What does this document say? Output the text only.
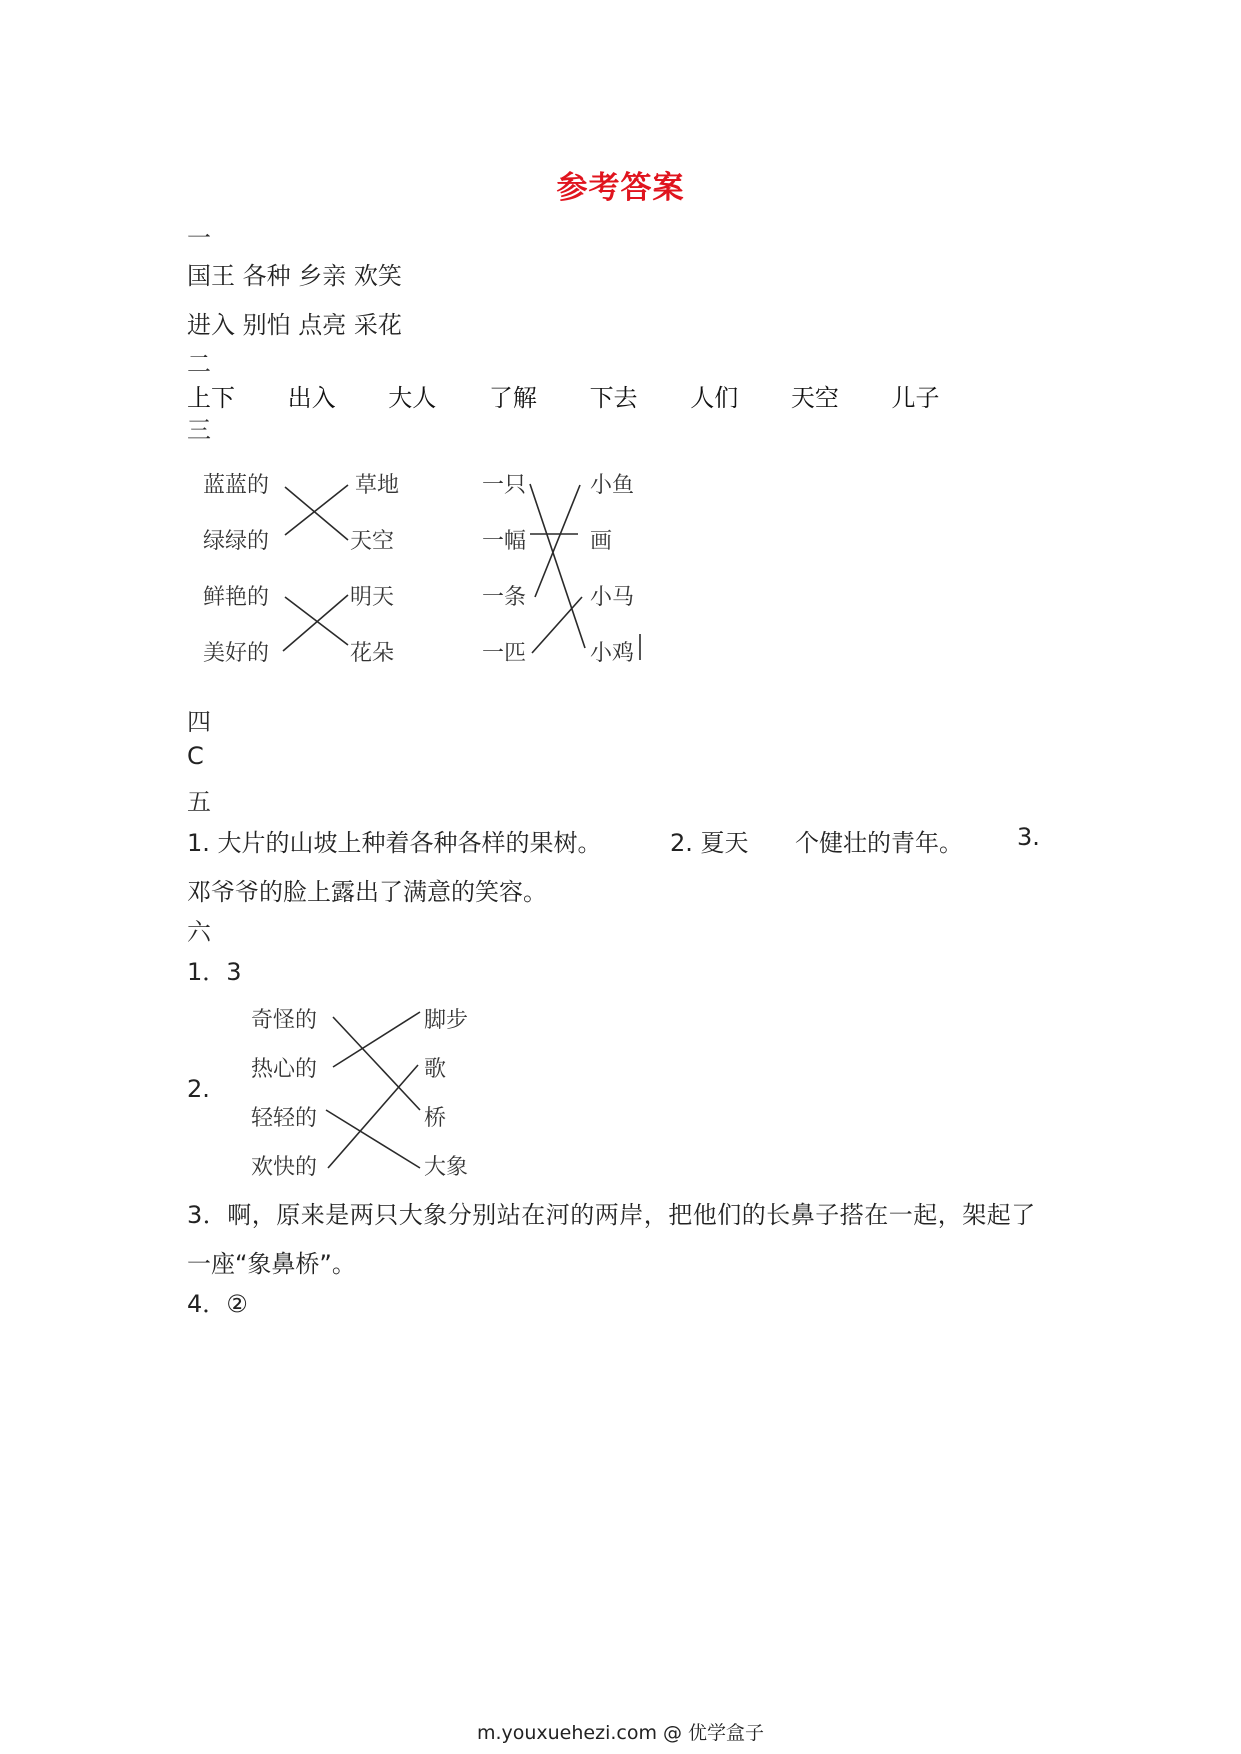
参考答案
一
国王 各种 乡亲 欢笑
进入 别怕 点亮 采花
二
上下 出入 大人 了解 下去 人们 天空 儿子
三
蓝蓝的
绿绿的
鲜艳的
美好的
草地
天空
明天
花朵
一只
一幅
一条
一匹
小鱼
画
小马
小鸡
四
C
五
1. 大片的山坡上种着各种各样的果树。	2. 夏天 个健壮的青年。 3.
邓爷爷的脸上露出了满意的笑容。
六
1．3
2.
奇怪的
热心的
轻轻的
欢快的
脚步
歌
桥
大象
3．啊，原来是两只大象分别站在河的两岸，把他们的长鼻子搭在一起，架起了
一座“象鼻桥”。
4．②
m.youxuehezi.com @ 优学盒子
